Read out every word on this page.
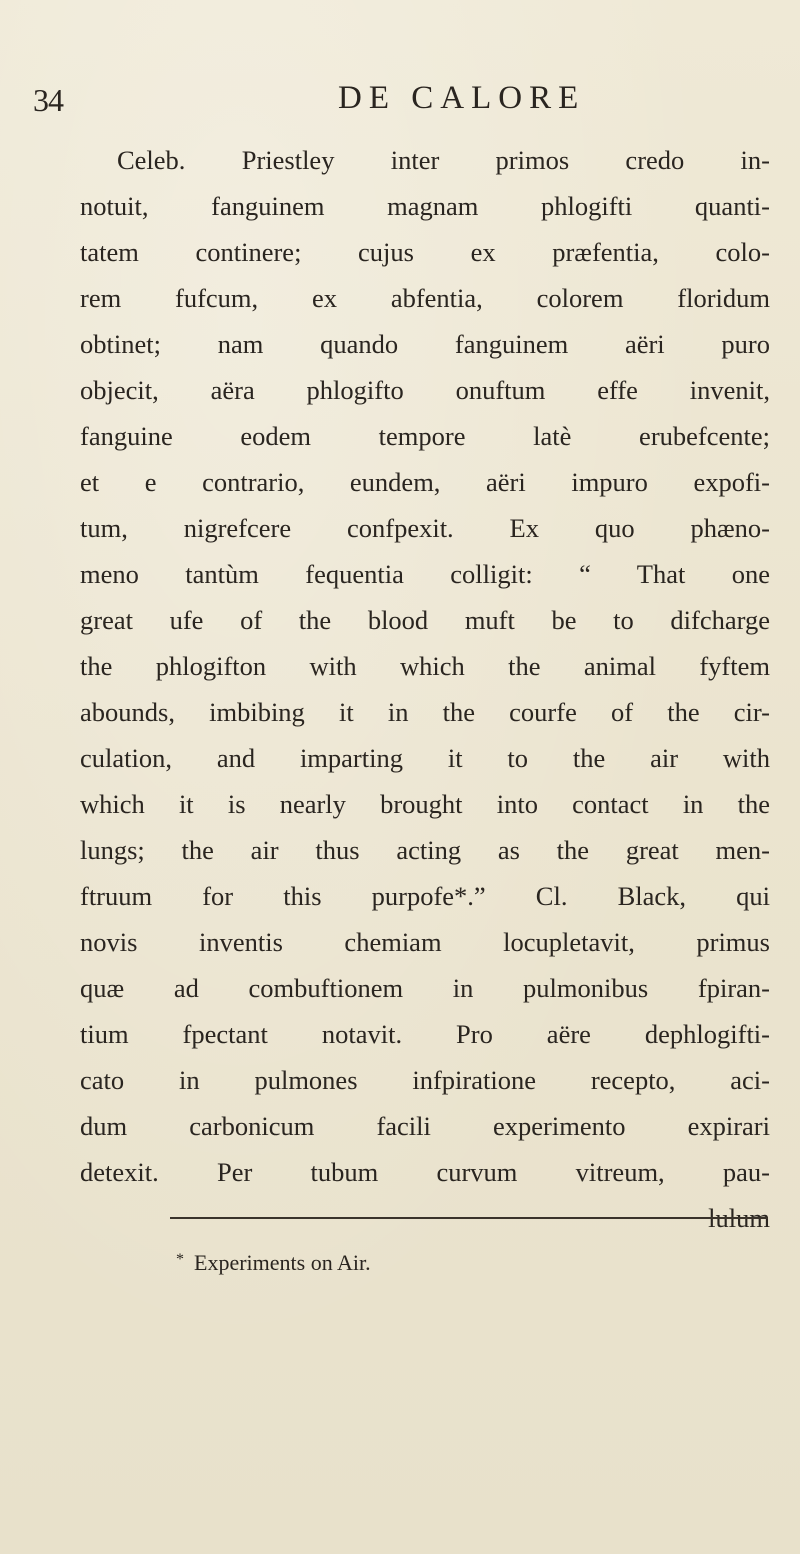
34	DE CALORE
Celeb. Priestley inter primos credo in-
notuit, fanguinem magnam phlogifti quanti-
tatem continere; cujus ex præfentia, colo-
rem fufcum, ex abfentia, colorem floridum
obtinet; nam quando fanguinem aëri puro
objecit, aëra phlogifto onuftum effe invenit,
fanguine eodem tempore latè erubefcente;
et e contrario, eundem, aëri impuro expofi-
tum, nigrefcere confpexit. Ex quo phæno-
meno tantùm fequentia colligit: “ That one
great ufe of the blood muft be to difcharge
the phlogifton with which the animal fyftem
abounds, imbibing it in the courfe of the cir-
culation, and imparting it to the air with
which it is nearly brought into contact in the
lungs; the air thus acting as the great men-
ftruum for this purpofe*.” Cl. Black, qui
novis inventis chemiam locupletavit, primus
quæ ad combuftionem in pulmonibus fpiran-
tium fpectant notavit. Pro aëre dephlogifti-
cato in pulmones infpiratione recepto, aci-
dum carbonicum facili experimento expirari
detexit. Per tubum curvum vitreum, pau-
lulum
* Experiments on Air.
